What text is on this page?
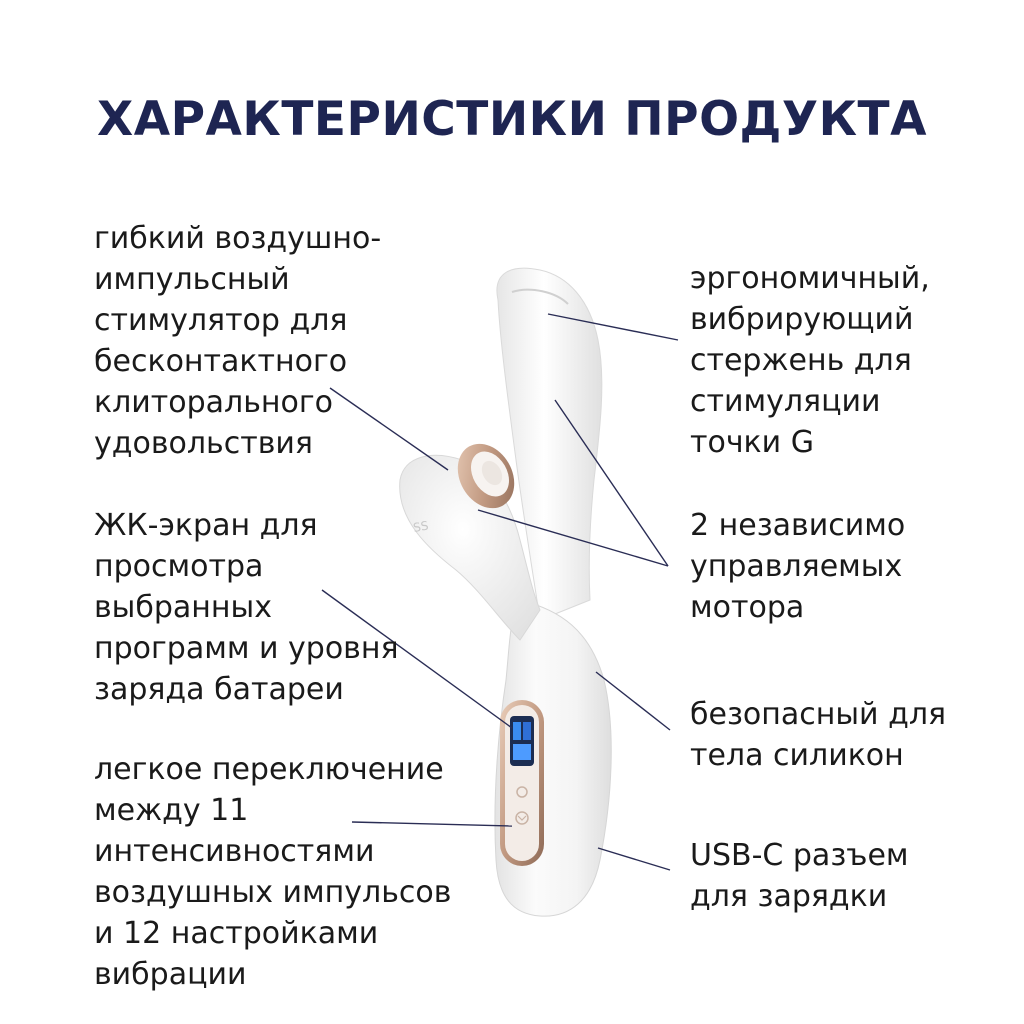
ХАРАКТЕРИСТИКИ ПРОДУКТА
SS
гибкий воздушно-
импульсный
стимулятор для
бесконтактного
клиторального
удовольствия
ЖК-экран для
просмотра
выбранных
программ и уровня
заряда батареи
легкое переключение
между 11
интенсивностями
воздушных импульсов
и 12 настройками
вибрации
эргономичный,
вибрирующий
стержень для
стимуляции
точки G
2 независимо
управляемых
мотора
безопасный для
тела силикон
USB-C разъем
для зарядки
